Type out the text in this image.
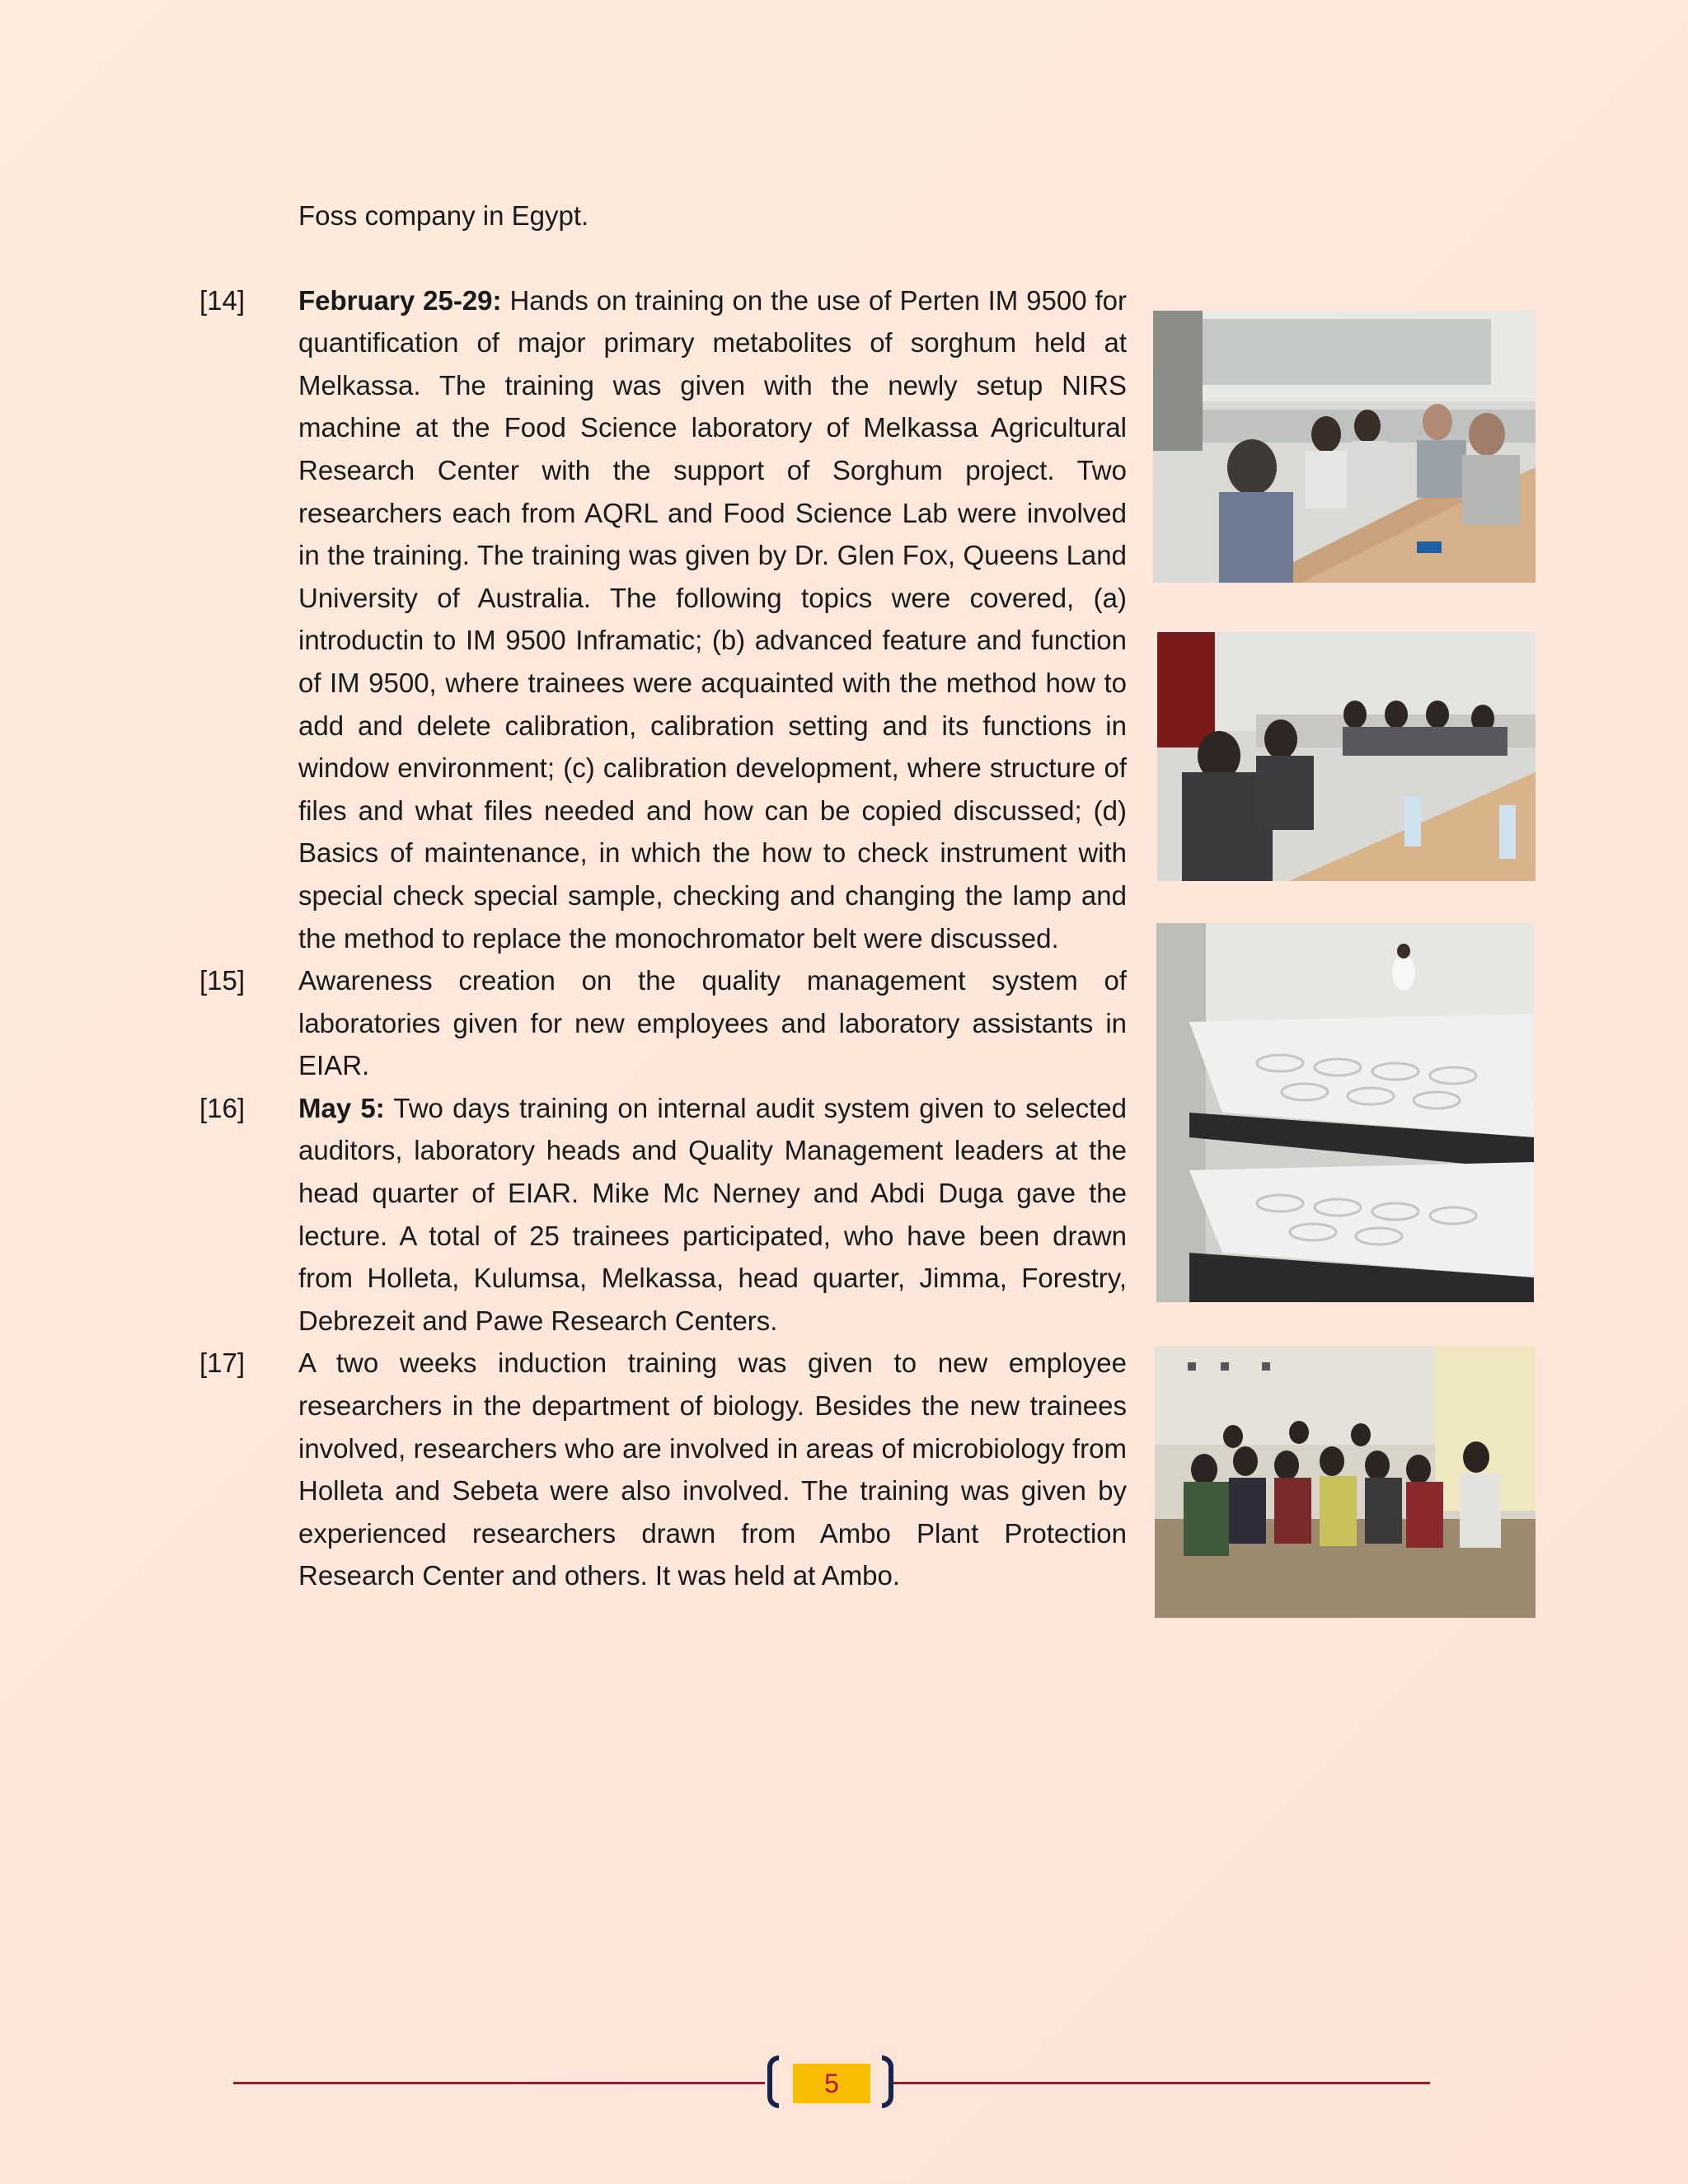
Foss company in Egypt.
[14]	February 25-29: Hands on training on the use of Perten IM 9500 for quantification of major primary metabolites of sorghum held at Melkassa. The training was given with the newly setup NIRS machine at the Food Science laboratory of Melkassa Agricultural Research Center with the support of Sorghum project. Two researchers each from AQRL and Food Science Lab were involved in the training. The training was given by Dr. Glen Fox, Queens Land University of Australia. The following topics were covered, (a) introductin to IM 9500 Inframatic; (b) advanced feature and function of IM 9500, where trainees were acquainted with the method how to add and delete calibration, calibration setting and its functions in window environment; (c) calibration development, where structure of files and what files needed and how can be copied discussed; (d) Basics of maintenance, in which the how to check instrument with special check special sample, checking and changing the lamp and the method to replace the monochromator belt were discussed.
[15]	Awareness creation on the quality management system of laboratories given for new employees and laboratory assistants in EIAR.
[16]	May 5: Two days training on internal audit system given to selected auditors, laboratory heads and Quality Management leaders at the head quarter of EIAR. Mike Mc Nerney and Abdi Duga gave the lecture. A total of 25 trainees participated, who have been drawn from Holleta, Kulumsa, Melkassa, head quarter, Jimma, Forestry, Debrezeit and Pawe Research Centers.
[17]	A two weeks induction training was given to new employee researchers in the department of biology. Besides the new trainees involved, researchers who are involved in areas of microbiology from Holleta and Sebeta were also involved. The training was given by experienced researchers drawn from Ambo Plant Protection Research Center and others. It was held at Ambo.
5
